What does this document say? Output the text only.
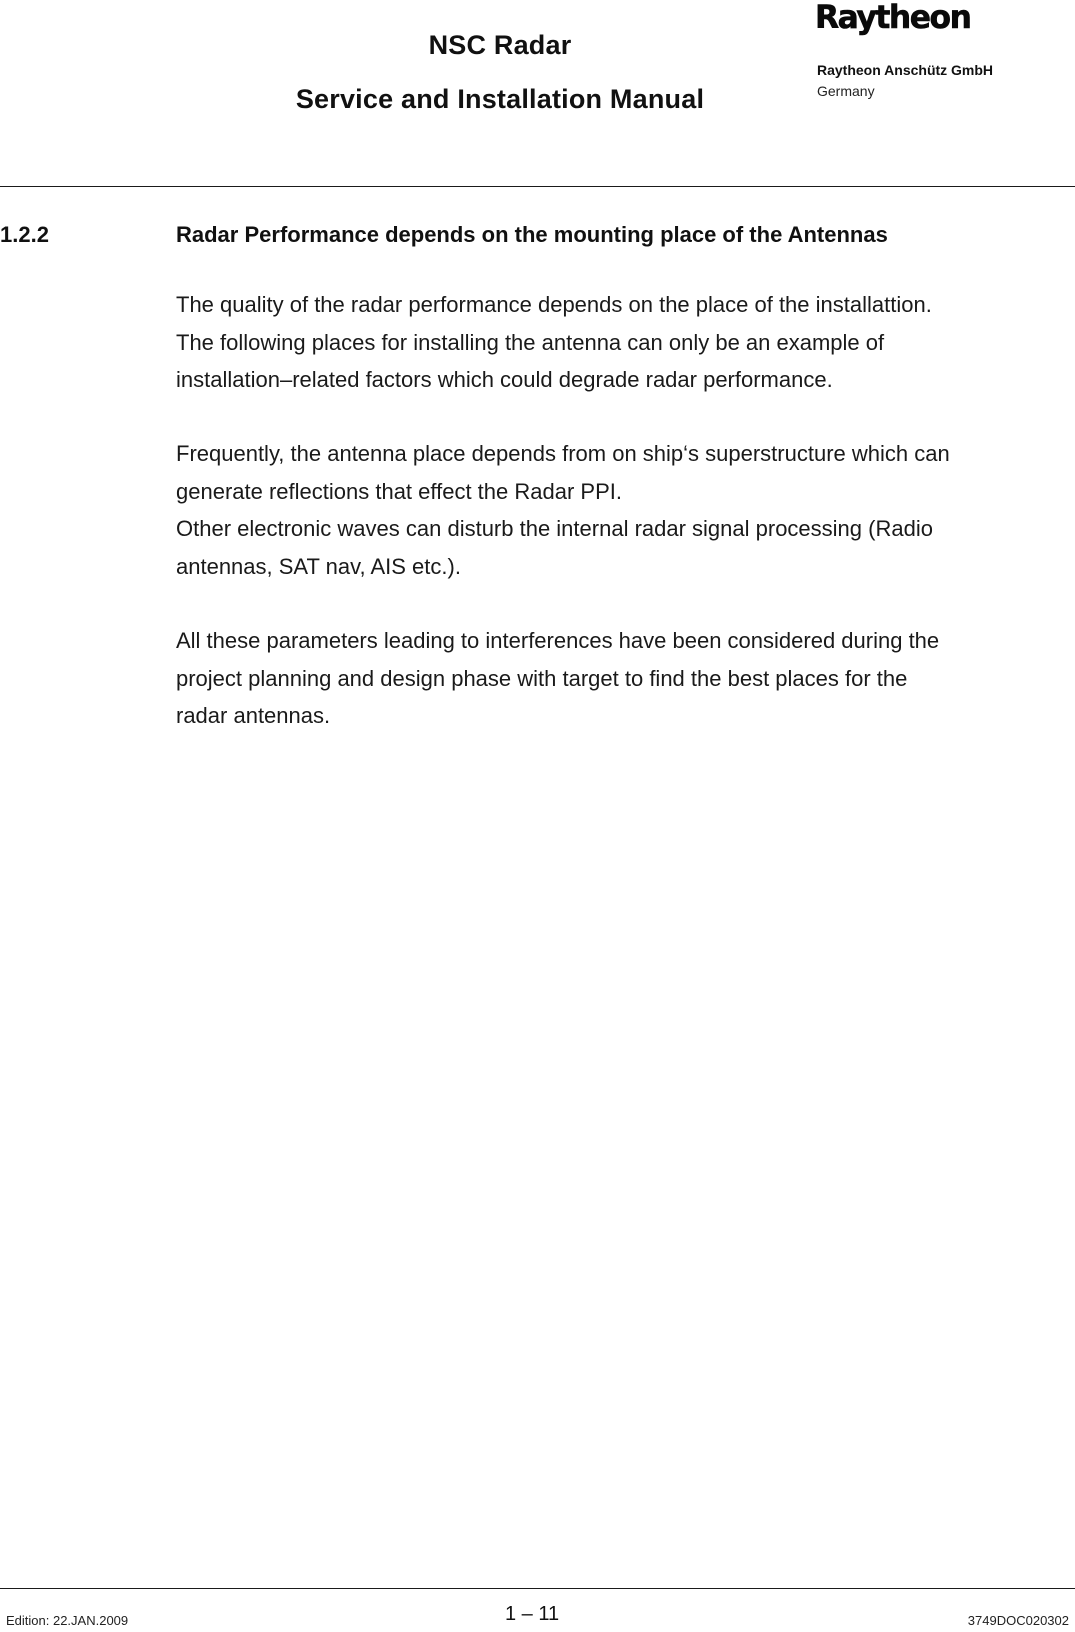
NSC Radar
Service and Installation Manual
Raytheon
Raytheon Anschütz GmbH
Germany
1.2.2	Radar Performance depends on the mounting place of the Antennas
The quality of the radar performance depends on the place of the installattion.
The following places for installing the antenna can only be an example of
installation–related factors which could degrade radar performance.
Frequently, the antenna place depends from on ship‘s superstructure which can
generate reflections that effect the Radar PPI.
Other electronic waves can disturb the internal radar signal processing (Radio
antennas, SAT nav, AIS etc.).
All these parameters leading to interferences have been considered during the
project planning and design phase with target to find the best places for the
radar antennas.
Edition: 22.JAN.2009	1 – 11	3749DOC020302
